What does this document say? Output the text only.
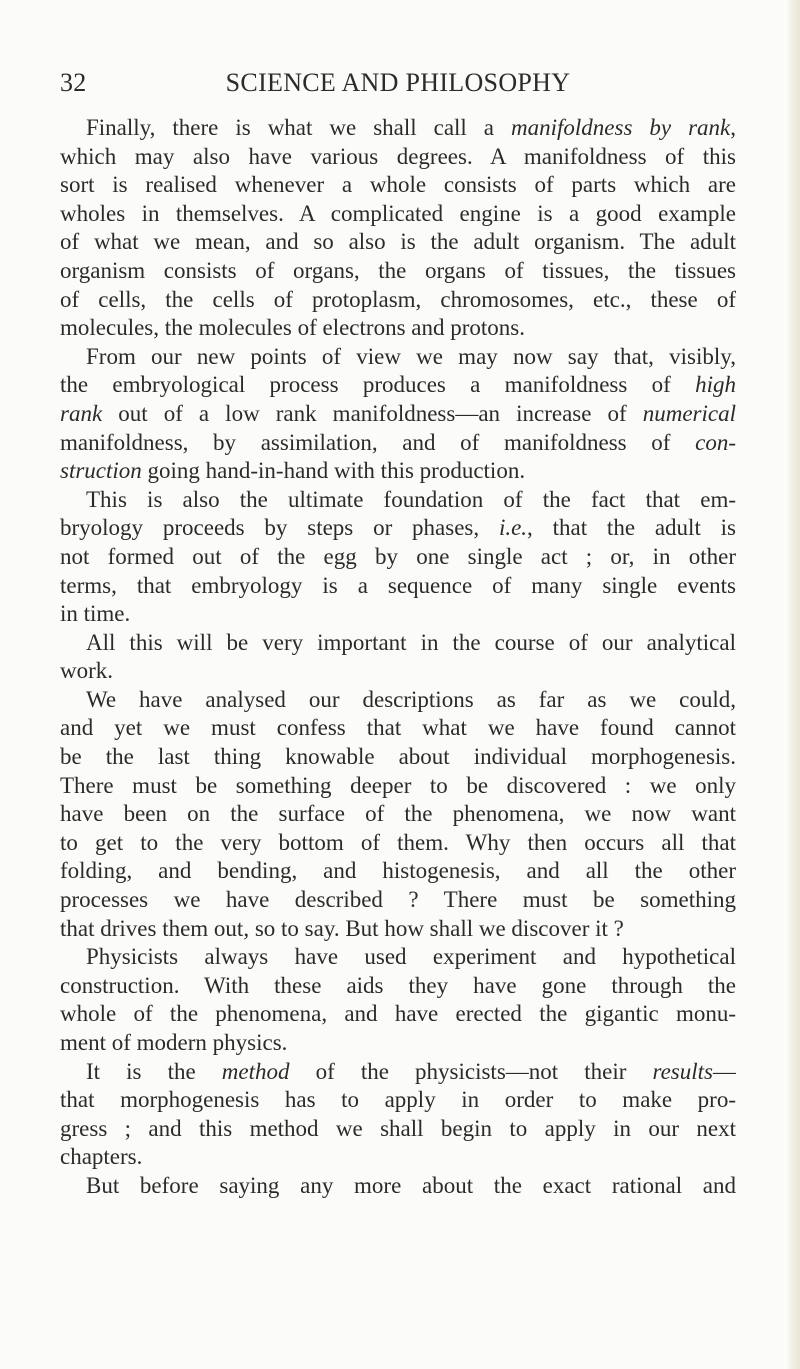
32	SCIENCE AND PHILOSOPHY
Finally, there is what we shall call a manifoldness by rank,
which may also have various degrees. A manifoldness of this
sort is realised whenever a whole consists of parts which are
wholes in themselves. A complicated engine is a good example
of what we mean, and so also is the adult organism. The adult
organism consists of organs, the organs of tissues, the tissues
of cells, the cells of protoplasm, chromosomes, etc., these of
molecules, the molecules of electrons and protons.
From our new points of view we may now say that, visibly,
the embryological process produces a manifoldness of high
rank out of a low rank manifoldness—an increase of numerical
manifoldness, by assimilation, and of manifoldness of con-
struction going hand-in-hand with this production.
This is also the ultimate foundation of the fact that em-
bryology proceeds by steps or phases, i.e., that the adult is
not formed out of the egg by one single act ; or, in other
terms, that embryology is a sequence of many single events
in time.
All this will be very important in the course of our analytical
work.
We have analysed our descriptions as far as we could,
and yet we must confess that what we have found cannot
be the last thing knowable about individual morphogenesis.
There must be something deeper to be discovered : we only
have been on the surface of the phenomena, we now want
to get to the very bottom of them. Why then occurs all that
folding, and bending, and histogenesis, and all the other
processes we have described ? There must be something
that drives them out, so to say. But how shall we discover it ?
Physicists always have used experiment and hypothetical
construction. With these aids they have gone through the
whole of the phenomena, and have erected the gigantic monu-
ment of modern physics.
It is the method of the physicists—not their results—
that morphogenesis has to apply in order to make pro-
gress ; and this method we shall begin to apply in our next
chapters.
But before saying any more about the exact rational and
